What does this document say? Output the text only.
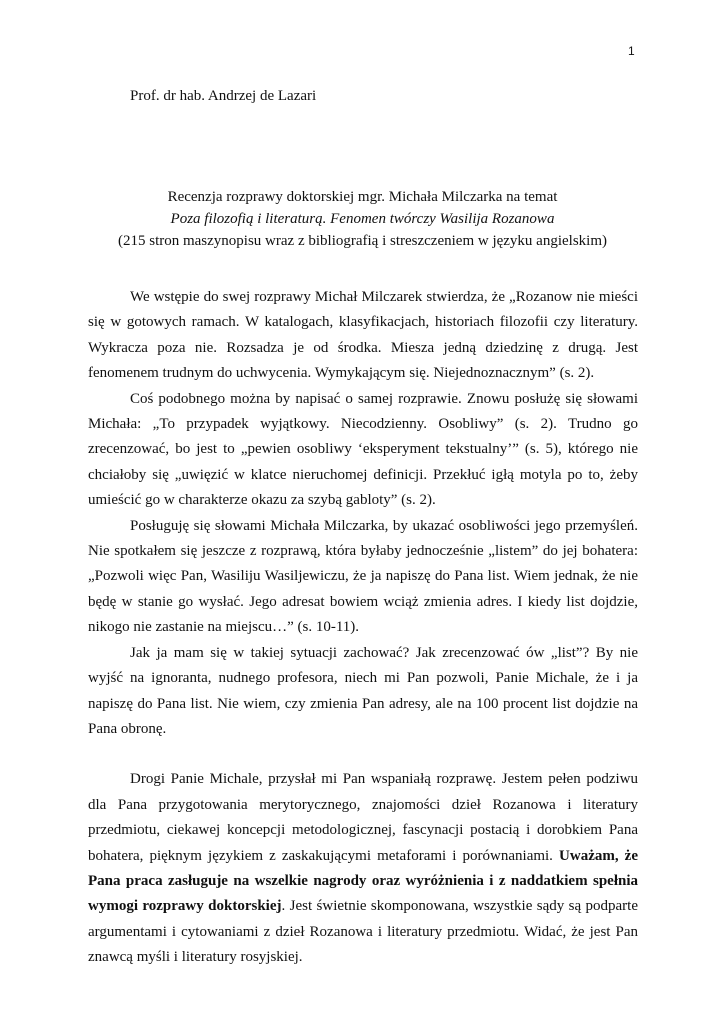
1
Prof. dr hab. Andrzej de Lazari
Recenzja rozprawy doktorskiej mgr. Michała Milczarka na temat
Poza filozofią i literaturą. Fenomen twórczy Wasilija Rozanowa
(215 stron maszynopisu wraz z bibliografią i streszczeniem w języku angielskim)

We wstępie do swej rozprawy Michał Milczarek stwierdza, że „Rozanow nie mieści się w gotowych ramach. W katalogach, klasyfikacjach, historiach filozofii czy literatury. Wykracza poza nie. Rozsadza je od środka. Miesza jedną dziedzinę z drugą. Jest fenomenem trudnym do uchwycenia. Wymykającym się. Niejednoznacznym” (s. 2).

Coś podobnego można by napisać o samej rozprawie. Znowu posłużę się słowami Michała: „To przypadek wyjątkowy. Niecodzienny. Osobliwy” (s. 2). Trudno go zrecenzować, bo jest to „pewien osobliwy ‘eksperyment tekstualny’” (s. 5), którego nie chciałoby się „uwięzić w klatce nieruchomej definicji. Przekłuć igłą motyla po to, żeby umieścić go w charakterze okazu za szybą gabloty” (s. 2).

Posługuję się słowami Michała Milczarka, by ukazać osobliwości jego przemyśleń. Nie spotkałem się jeszcze z rozprawą, która byłaby jednocześnie „listem” do jej bohatera: „Pozwoli więc Pan, Wasiliju Wasiljewiczu, że ja napiszę do Pana list. Wiem jednak, że nie będę w stanie go wysłać. Jego adresat bowiem wciąż zmienia adres. I kiedy list dojdzie, nikogo nie zastanie na miejscu…” (s. 10-11).

Jak ja mam się w takiej sytuacji zachować? Jak zrecenzować ów „list”? By nie wyjść na ignoranta, nudnego profesora, niech mi Pan pozwoli, Panie Michale, że i ja napiszę do Pana list. Nie wiem, czy zmienia Pan adresy, ale na 100 procent list dojdzie na Pana obronę.

Drogi Panie Michale, przysłał mi Pan wspaniałą rozprawę. Jestem pełen podziwu dla Pana przygotowania merytorycznego, znajomości dzieł Rozanowa i literatury przedmiotu, ciekawej koncepcji metodologicznej, fascynacji postacią i dorobkiem Pana bohatera, pięknym językiem z zaskakującymi metaforami i porównaniami. Uważam, że Pana praca zasługuje na wszelkie nagrody oraz wyróżnienia i z naddatkiem spełnia wymogi rozprawy doktorskiej. Jest świetnie skomponowana, wszystkie sądy są podparte argumentami i cytowaniami z dzieł Rozanowa i literatury przedmiotu. Widać, że jest Pan znawcą myśli i literatury rosyjskiej.
